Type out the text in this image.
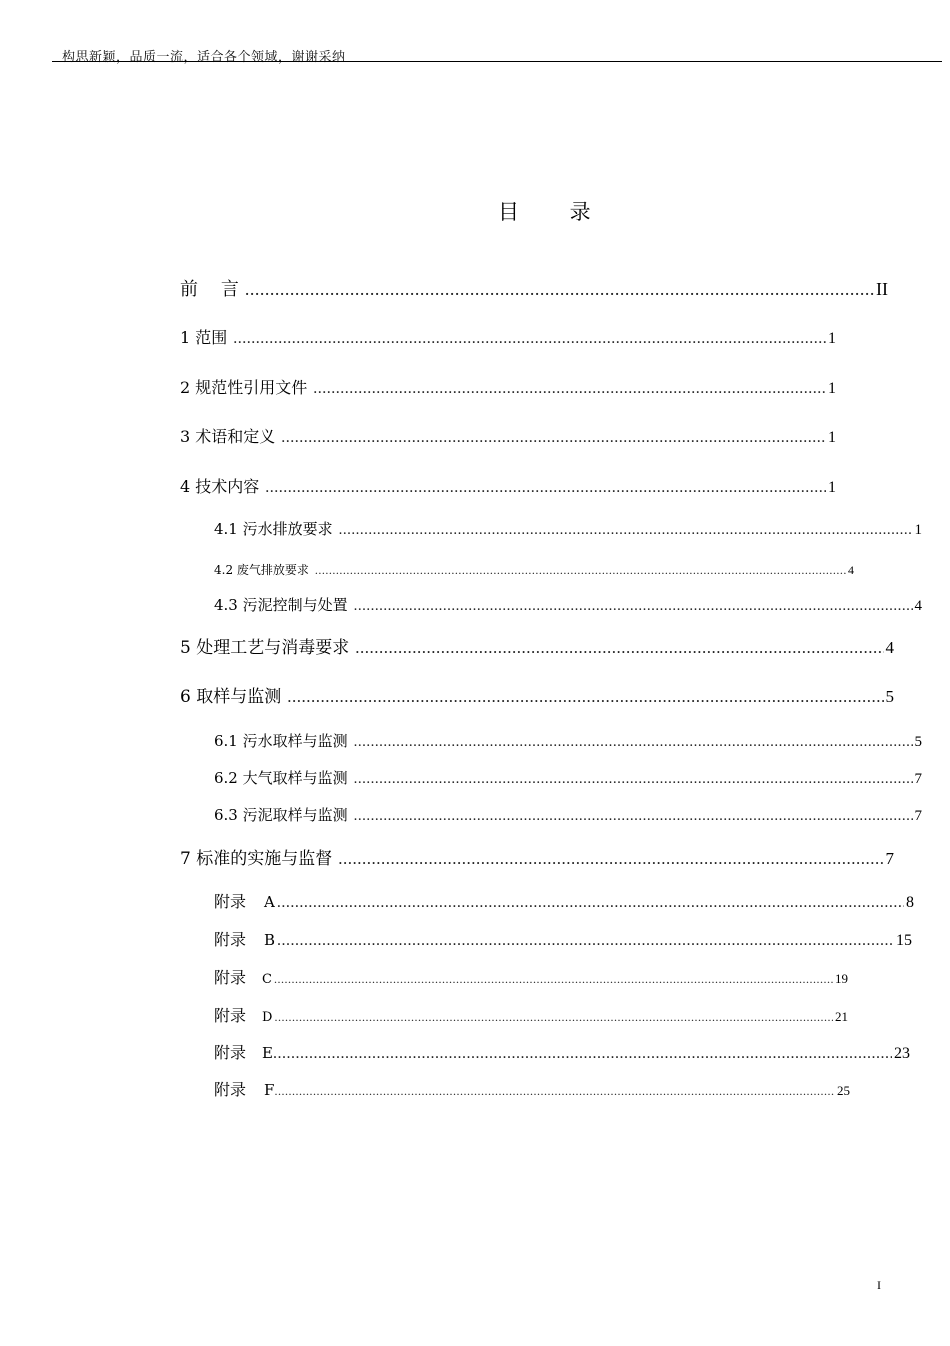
构思新颖，品质一流，适合各个领域，谢谢采纳
目 录
前    言 .....	II
1 范围 .....	1
2 规范性引用文件 .....	1
3 术语和定义 .....	1
4 技术内容 .....	1
4.1 污水排放要求 .....	1
4.2 废气排放要求 .....	4
4.3 污泥控制与处置 .....	4
5 处理工艺与消毒要求 .....	4
6 取样与监测 .....	5
6.1 污水取样与监测 .....	5
6.2 大气取样与监测 .....	7
6.3 污泥取样与监测 .....	7
7 标准的实施与监督 .....	7
附录 A .....	8
附录 B .....	15
附录 C .....	19
附录 D .....	21
附录 E .....	23
附录 F .....	25
I
